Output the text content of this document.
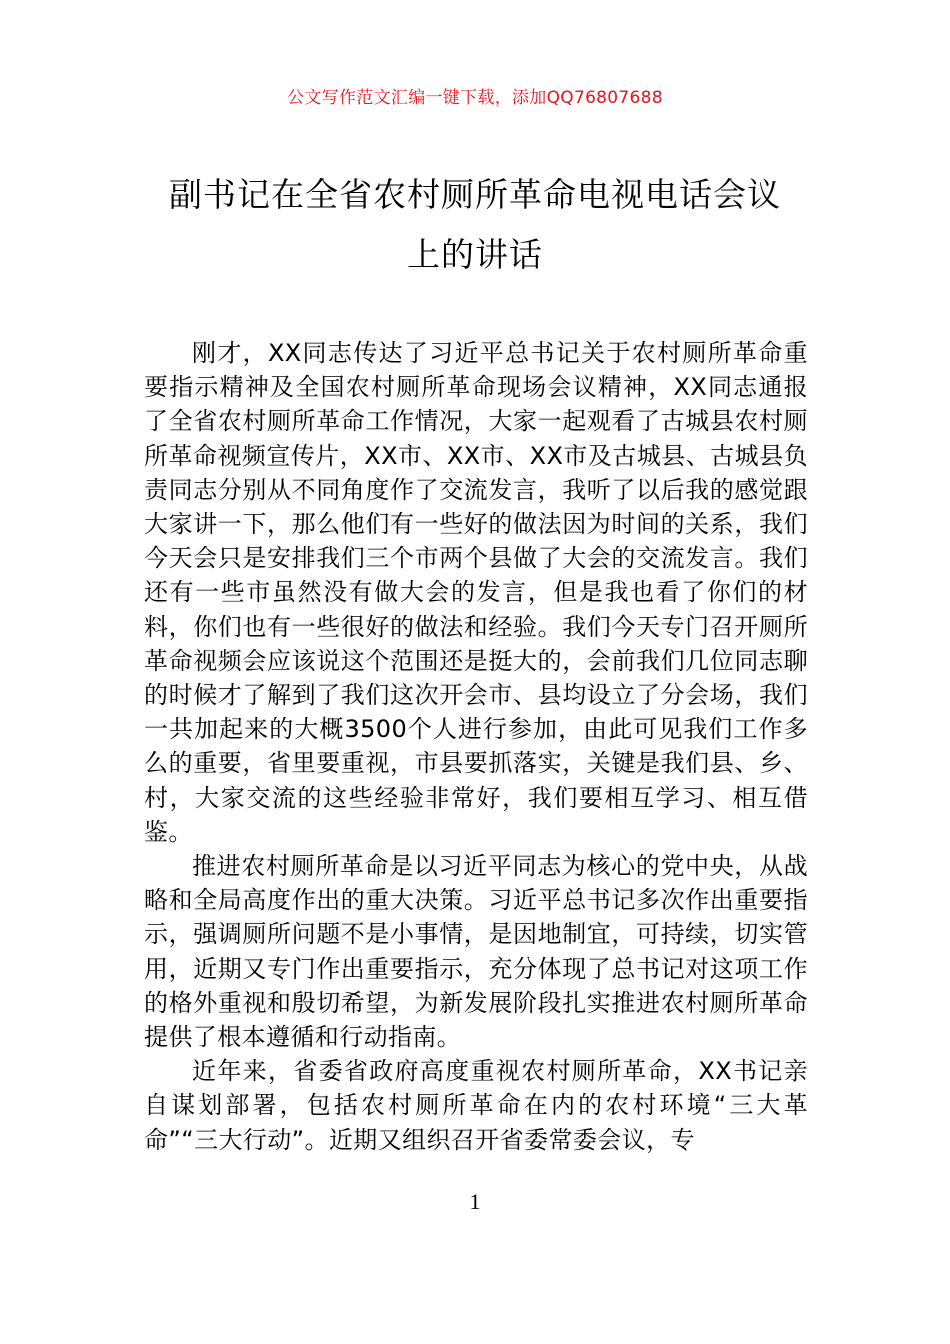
公文写作范文汇编一键下载，添加QQ76807688
副书记在全省农村厕所革命电视电话会议
上的讲话

刚才，XX同志传达了习近平总书记关于农村厕所革命重要指示精神及全国农村厕所革命现场会议精神，XX同志通报了全省农村厕所革命工作情况，大家一起观看了古城县农村厕所革命视频宣传片，XX市、XX市、XX市及古城县、古城县负责同志分别从不同角度作了交流发言，我听了以后我的感觉跟大家讲一下，那么他们有一些好的做法因为时间的关系，我们今天会只是安排我们三个市两个县做了大会的交流发言。我们还有一些市虽然没有做大会的发言，但是我也看了你们的材料，你们也有一些很好的做法和经验。我们今天专门召开厕所革命视频会应该说这个范围还是挺大的，会前我们几位同志聊的时候才了解到了我们这次开会市、县均设立了分会场，我们一共加起来的大概3500个人进行参加，由此可见我们工作多么的重要，省里要重视，市县要抓落实，关键是我们县、乡、村，大家交流的这些经验非常好，我们要相互学习、相互借鉴。

推进农村厕所革命是以习近平同志为核心的党中央，从战略和全局高度作出的重大决策。习近平总书记多次作出重要指示，强调厕所问题不是小事情，是因地制宜，可持续，切实管用，近期又专门作出重要指示，充分体现了总书记对这项工作的格外重视和殷切希望，为新发展阶段扎实推进农村厕所革命提供了根本遵循和行动指南。

近年来，省委省政府高度重视农村厕所革命，XX书记亲自谋划部署，包括农村厕所革命在内的农村环境“三大革命”“三大行动”。近期又组织召开省委常委会议，专

1
